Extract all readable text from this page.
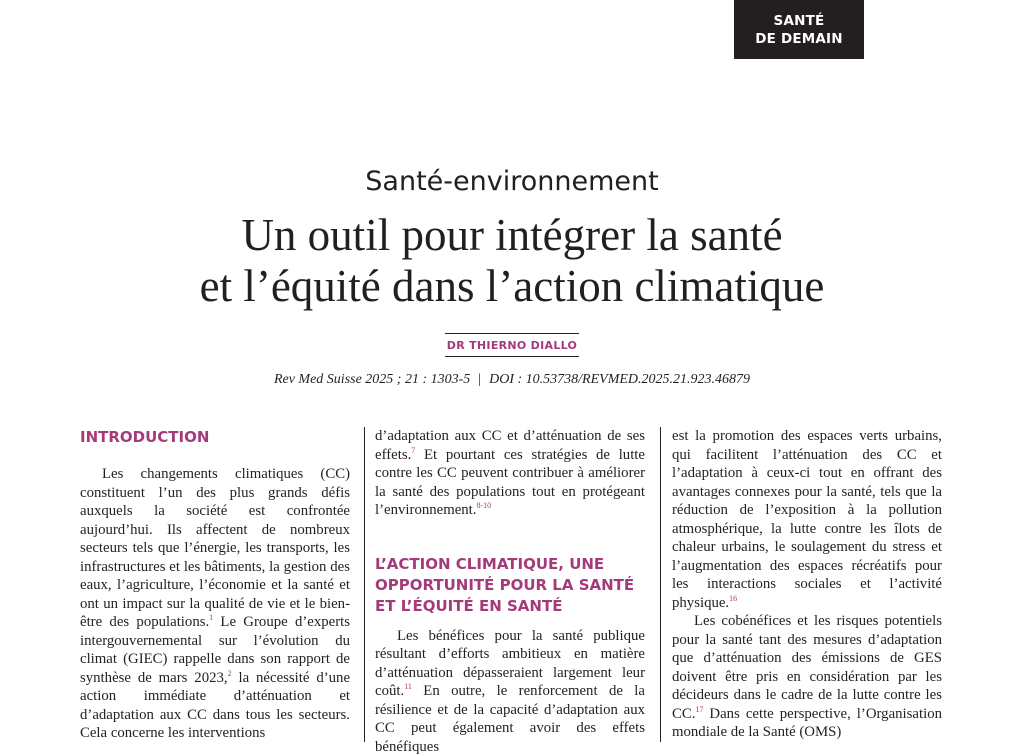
SANTÉ
DE DEMAIN
Santé-environnement
Un outil pour intégrer la santé
et l’équité dans l’action climatique
DR THIERNO DIALLO
Rev Med Suisse 2025 ; 21 : 1303-5 | DOI : 10.53738/REVMED.2025.21.923.46879
INTRODUCTION

Les changements climatiques (CC) constituent l’un des plus grands défis auxquels la société est confrontée aujourd’hui. Ils affectent de nombreux secteurs tels que l’énergie, les transports, les infrastructures et les bâtiments, la gestion des eaux, l’agriculture, l’économie et la santé et ont un impact sur la qualité de vie et le bien-être des populations.$^1$ Le Groupe d’experts intergouvernemental sur l’évolution du climat (GIEC) rappelle dans son rapport de synthèse de mars 2023,$^2$ la nécessité d’une action immédiate d’atténuation et d’adaptation aux CC dans tous les secteurs. Cela concerne les interventions

d’adaptation aux CC et d’atténuation de ses effets.$^7$ Et pourtant ces stratégies de lutte contre les CC peuvent contribuer à améliorer la santé des populations tout en protégeant l’environnement.$^{8-10}$

L’ACTION CLIMATIQUE, UNE OPPORTUNITÉ POUR LA SANTÉ ET L’ÉQUITÉ EN SANTÉ

Les bénéfices pour la santé publique résultant d’efforts ambitieux en matière d’atténuation dépasseraient largement leur coût.$^{11}$ En outre, le renforcement de la résilience et de la capacité d’adaptation aux CC peut également avoir des effets bénéfiques

est la promotion des espaces verts urbains, qui facilitent l’atténuation des CC et l’adaptation à ceux-ci tout en offrant des avantages connexes pour la santé, tels que la réduction de l’exposition à la pollution atmosphérique, la lutte contre les îlots de chaleur urbains, le soulagement du stress et l’augmentation des espaces récréatifs pour les interactions sociales et l’activité physique.$^{16}$

Les cobénéfices et les risques potentiels pour la santé tant des mesures d’adaptation que d’atténuation des émissions de GES doivent être pris en considération par les décideurs dans le cadre de la lutte contre les CC.$^{17}$ Dans cette perspective, l’Organisation mondiale de la Santé (OMS)
